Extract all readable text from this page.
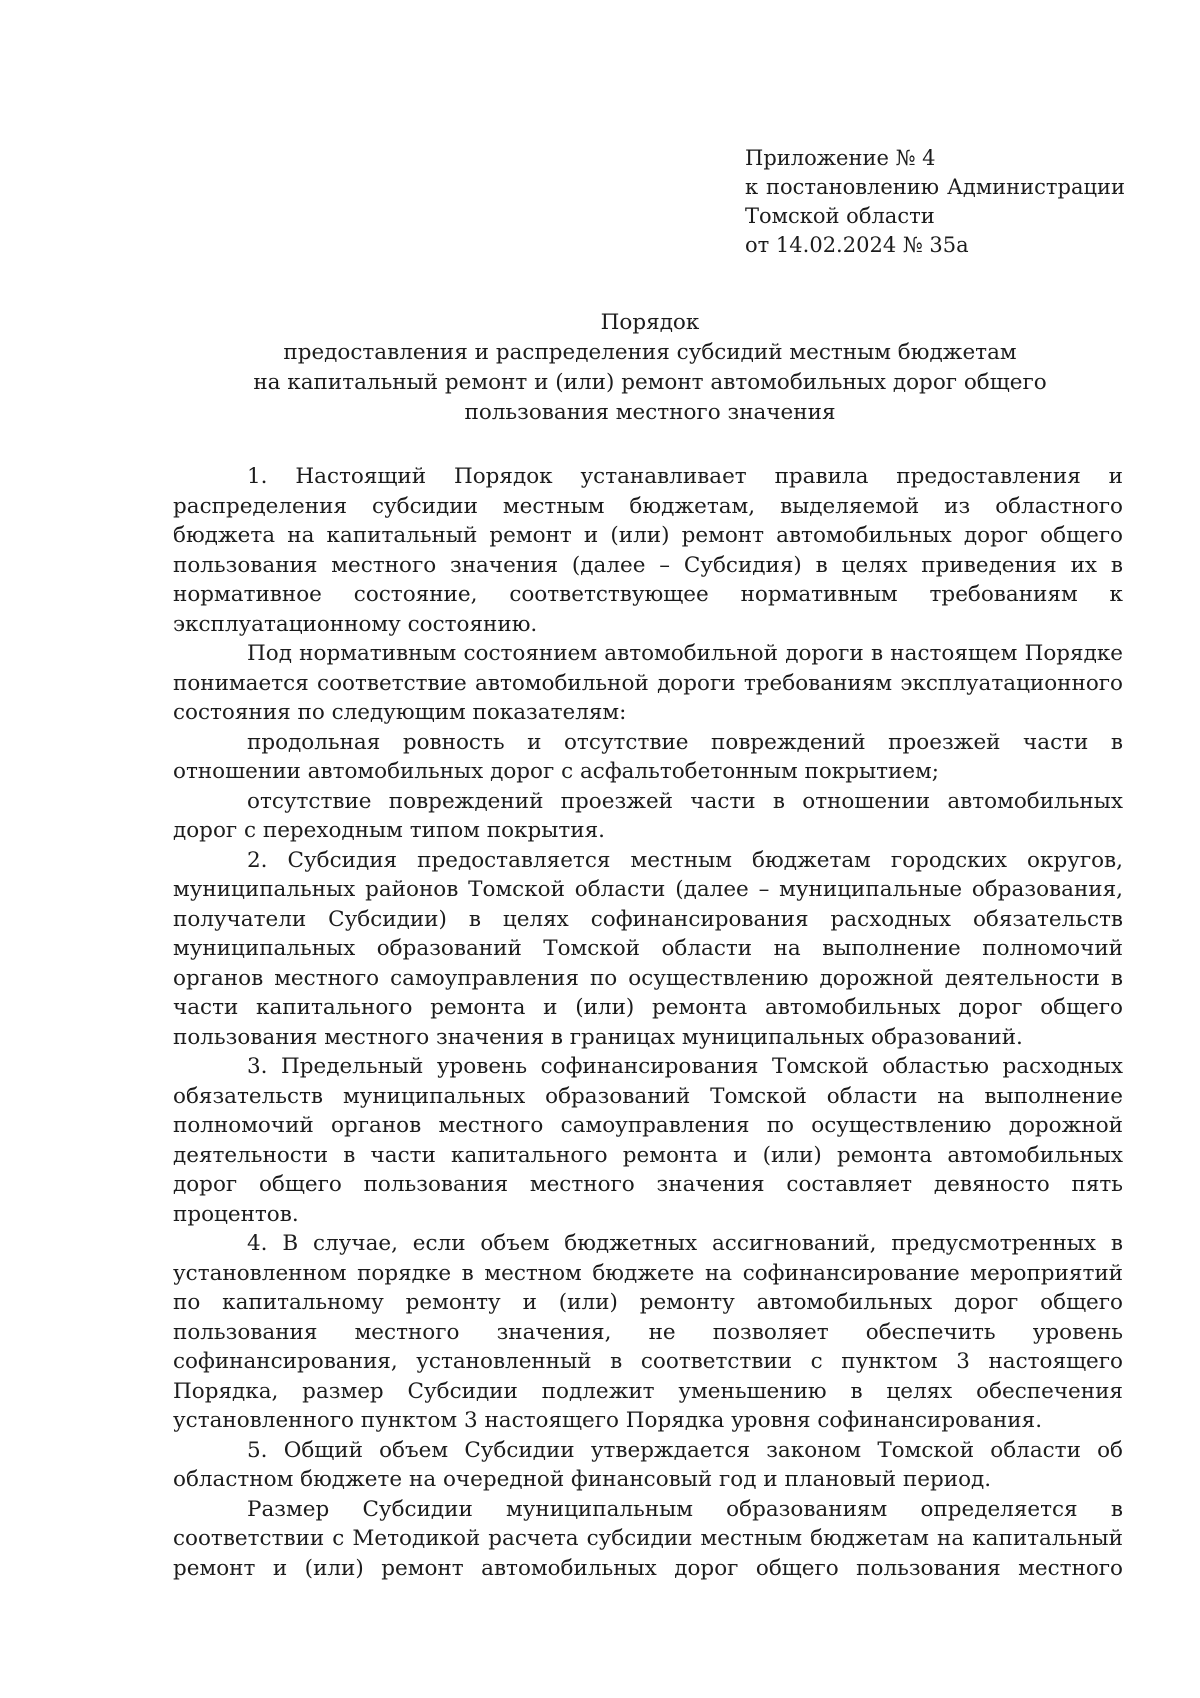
Приложение № 4
к постановлению Администрации
Томской области
от 14.02.2024 № 35а
Порядок
предоставления и распределения субсидий местным бюджетам
на капитальный ремонт и (или) ремонт автомобильных дорог общего
пользования местного значения

1. Настоящий Порядок устанавливает правила предоставления и распределения субсидии местным бюджетам, выделяемой из областного бюджета на капитальный ремонт и (или) ремонт автомобильных дорог общего пользования местного значения (далее – Субсидия) в целях приведения их в нормативное состояние, соответствующее нормативным требованиям к эксплуатационному состоянию.

Под нормативным состоянием автомобильной дороги в настоящем Порядке понимается соответствие автомобильной дороги требованиям эксплуатационного состояния по следующим показателям:

продольная ровность и отсутствие повреждений проезжей части в отношении автомобильных дорог с асфальтобетонным покрытием;

отсутствие повреждений проезжей части в отношении автомобильных дорог с переходным типом покрытия.

2. Субсидия предоставляется местным бюджетам городских округов, муниципальных районов Томской области (далее – муниципальные образования, получатели Субсидии) в целях софинансирования расходных обязательств муниципальных образований Томской области на выполнение полномочий органов местного самоуправления по осуществлению дорожной деятельности в части капитального ремонта и (или) ремонта автомобильных дорог общего пользования местного значения в границах муниципальных образований.

3. Предельный уровень софинансирования Томской областью расходных обязательств муниципальных образований Томской области на выполнение полномочий органов местного самоуправления по осуществлению дорожной деятельности в части капитального ремонта и (или) ремонта автомобильных дорог общего пользования местного значения составляет девяносто пять процентов.

4. В случае, если объем бюджетных ассигнований, предусмотренных в установленном порядке в местном бюджете на софинансирование мероприятий по капитальному ремонту и (или) ремонту автомобильных дорог общего пользования местного значения, не позволяет обеспечить уровень софинансирования, установленный в соответствии с пунктом 3 настоящего Порядка, размер Субсидии подлежит уменьшению в целях обеспечения установленного пунктом 3 настоящего Порядка уровня софинансирования.

5. Общий объем Субсидии утверждается законом Томской области об областном бюджете на очередной финансовый год и плановый период.

Размер Субсидии муниципальным образованиям определяется в соответствии с Методикой расчета субсидии местным бюджетам на капитальный ремонт и (или) ремонт автомобильных дорог общего пользования местного
